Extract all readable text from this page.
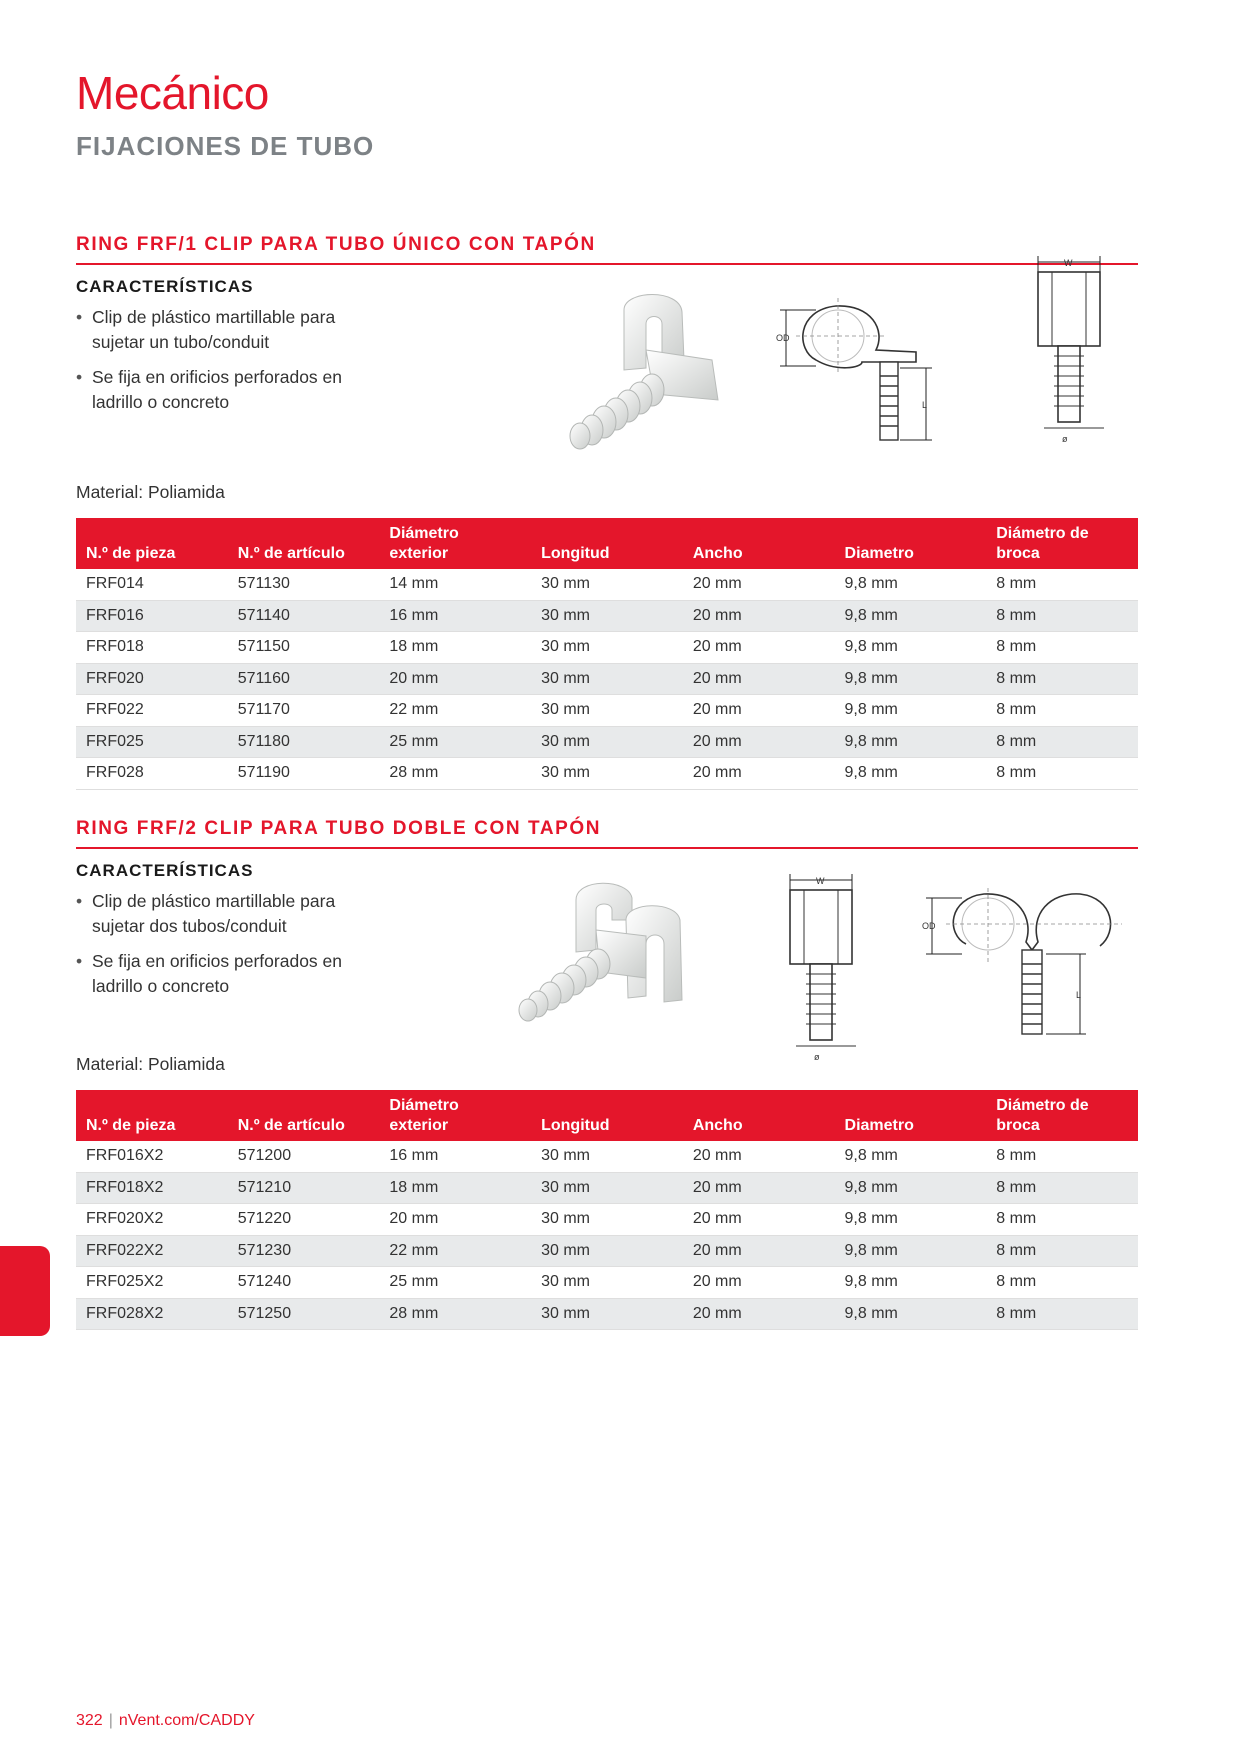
Mecánico
FIJACIONES DE TUBO
RING FRF/1 CLIP PARA TUBO ÚNICO CON TAPÓN
CARACTERÍSTICAS
• Clip de plástico martillable para sujetar un tubo/conduit
• Se fija en orificios perforados en ladrillo o concreto
OD
L
W
ø
Material: Poliamida
N.º de pieza	N.º de artículo	Diámetro exterior	Longitud	Ancho	Diametro	Diámetro de broca
FRF014	571130	14 mm	30 mm	20 mm	9,8 mm	8 mm
FRF016	571140	16 mm	30 mm	20 mm	9,8 mm	8 mm
FRF018	571150	18 mm	30 mm	20 mm	9,8 mm	8 mm
FRF020	571160	20 mm	30 mm	20 mm	9,8 mm	8 mm
FRF022	571170	22 mm	30 mm	20 mm	9,8 mm	8 mm
FRF025	571180	25 mm	30 mm	20 mm	9,8 mm	8 mm
FRF028	571190	28 mm	30 mm	20 mm	9,8 mm	8 mm
RING FRF/2 CLIP PARA TUBO DOBLE CON TAPÓN
CARACTERÍSTICAS
• Clip de plástico martillable para sujetar dos tubos/conduit
• Se fija en orificios perforados en ladrillo o concreto
W
ø
OD
L
Material: Poliamida
N.º de pieza	N.º de artículo	Diámetro exterior	Longitud	Ancho	Diametro	Diámetro de broca
FRF016X2	571200	16 mm	30 mm	20 mm	9,8 mm	8 mm
FRF018X2	571210	18 mm	30 mm	20 mm	9,8 mm	8 mm
FRF020X2	571220	20 mm	30 mm	20 mm	9,8 mm	8 mm
FRF022X2	571230	22 mm	30 mm	20 mm	9,8 mm	8 mm
FRF025X2	571240	25 mm	30 mm	20 mm	9,8 mm	8 mm
FRF028X2	571250	28 mm	30 mm	20 mm	9,8 mm	8 mm
322 | nVent.com/CADDY
